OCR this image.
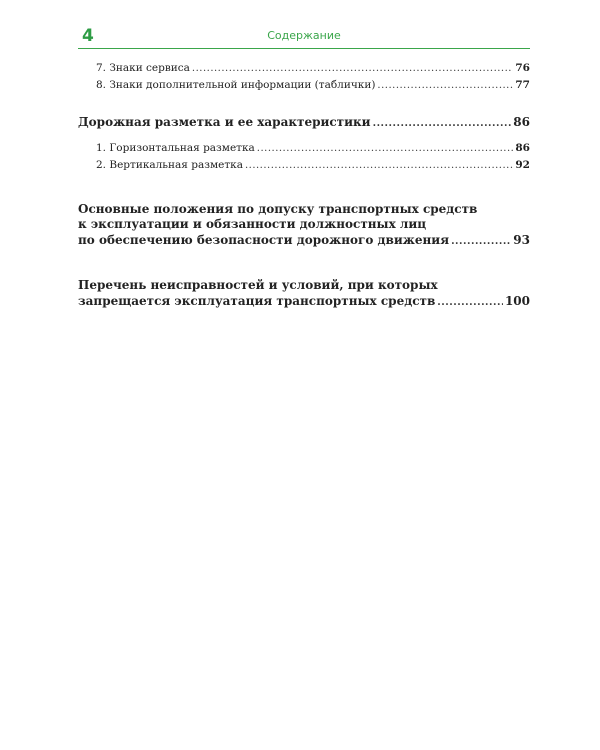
4	Содержание
7. Знаки сервиса .....	76
8. Знаки дополнительной информации (таблички) .....	77
Дорожная разметка и ее характеристики .....	86
1. Горизонтальная разметка .....	86
2. Вертикальная разметка .....	92
Основные положения по допуску транспортных средств
к эксплуатации и обязанности должностных лиц
по обеспечению безопасности дорожного движения .....	93
Перечень неисправностей и условий, при которых
запрещается эксплуатация транспортных средств .....	100
